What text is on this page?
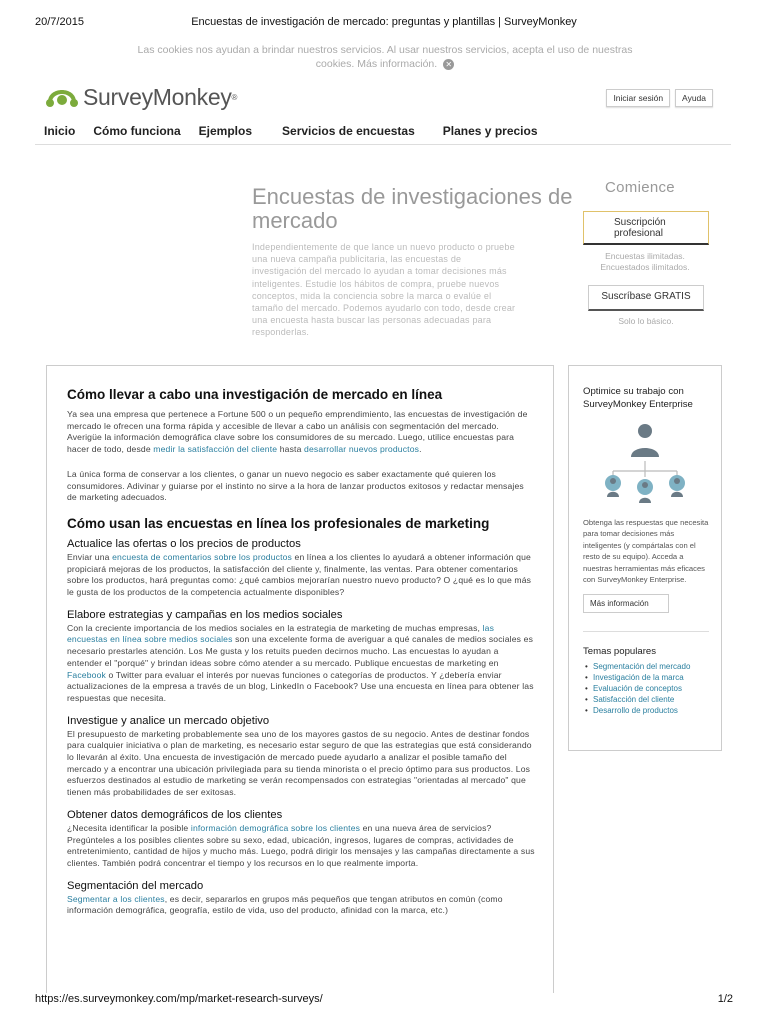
20/7/2015	Encuestas de investigación de mercado: preguntas y plantillas | SurveyMonkey
Las cookies nos ayudan a brindar nuestros servicios. Al usar nuestros servicios, acepta el uso de nuestras cookies. Más información. ✕
SurveyMonkey ®	Iniciar sesión	Ayuda
Inicio Cómo funciona Ejemplos	Servicios de encuestas Planes y precios
Encuestas de investigaciones de mercado
Independientemente de que lance un nuevo producto o pruebe una nueva campaña publicitaria, las encuestas de investigación del mercado lo ayudan a tomar decisiones más inteligentes. Estudie los hábitos de compra, pruebe nuevos conceptos, mida la conciencia sobre la marca o evalúe el tamaño del mercado. Podemos ayudarlo con todo, desde crear una encuesta hasta buscar las personas adecuadas para responderlas.
Comience
Suscripción profesional
Encuestas ilimitadas. Encuestados ilimitados.
Suscríbase GRATIS
Solo lo básico.
Cómo llevar a cabo una investigación de mercado en línea

Ya sea una empresa que pertenece a Fortune 500 o un pequeño emprendimiento, las encuestas de investigación de mercado le ofrecen una forma rápida y accesible de llevar a cabo un análisis con segmentación del mercado. Averigüe la información demográfica clave sobre los consumidores de su mercado. Luego, utilice encuestas para hacer de todo, desde medir la satisfacción del cliente hasta desarrollar nuevos productos.

La única forma de conservar a los clientes, o ganar un nuevo negocio es saber exactamente qué quieren los consumidores. Adivinar y guiarse por el instinto no sirve a la hora de lanzar productos exitosos y redactar mensajes de marketing adecuados.

Cómo usan las encuestas en línea los profesionales de marketing
Actualice las ofertas o los precios de productos

Enviar una encuesta de comentarios sobre los productos en línea a los clientes lo ayudará a obtener información que propiciará mejoras de los productos, la satisfacción del cliente y, finalmente, las ventas. Para obtener comentarios sobre los productos, hará preguntas como: ¿qué cambios mejorarían nuestro nuevo producto? O ¿qué es lo que más le gusta de los productos de la competencia actualmente disponibles?

Elabore estrategias y campañas en los medios sociales

Con la creciente importancia de los medios sociales en la estrategia de marketing de muchas empresas, las encuestas en línea sobre medios sociales son una excelente forma de averiguar a qué canales de medios sociales es necesario prestarles atención. Los Me gusta y los retuits pueden decirnos mucho. Las encuestas lo ayudan a entender el "porqué" y brindan ideas sobre cómo atender a su mercado. Publique encuestas de marketing en Facebook o Twitter para evaluar el interés por nuevas funciones o categorías de productos. Y ¿debería enviar actualizaciones de la empresa a través de un blog, LinkedIn o Facebook? Use una encuesta en línea para obtener las respuestas que necesita.

Investigue y analice un mercado objetivo

El presupuesto de marketing probablemente sea uno de los mayores gastos de su negocio. Antes de destinar fondos para cualquier iniciativa o plan de marketing, es necesario estar seguro de que las estrategias que está considerando lo llevarán al éxito. Una encuesta de investigación de mercado puede ayudarlo a analizar el posible tamaño del mercado y a encontrar una ubicación privilegiada para su tienda minorista o el precio óptimo para sus productos. Los esfuerzos destinados al estudio de marketing se verán recompensados con estrategias "orientadas al mercado" que tienen más probabilidades de ser exitosas.

Obtener datos demográficos de los clientes

¿Necesita identificar la posible información demográfica sobre los clientes en una nueva área de servicios? Pregúnteles a los posibles clientes sobre su sexo, edad, ubicación, ingresos, lugares de compras, actividades de entretenimiento, cantidad de hijos y mucho más. Luego, podrá dirigir los mensajes y las campañas directamente a sus clientes. También podrá concentrar el tiempo y los recursos en lo que realmente importa.

Segmentación del mercado

Segmentar a los clientes, es decir, separarlos en grupos más pequeños que tengan atributos en común (como información demográfica, geografía, estilo de vida, uso del producto, afinidad con la marca, etc.)

Optimice su trabajo con SurveyMonkey Enterprise
Obtenga las respuestas que necesita para tomar decisiones más inteligentes (y compártalas con el resto de su equipo). Acceda a nuestras herramientas más eficaces con SurveyMonkey Enterprise.
Más información
Temas populares
• Segmentación del mercado
• Investigación de la marca
• Evaluación de conceptos
• Satisfacción del cliente
• Desarrollo de productos
https://es.surveymonkey.com/mp/market-research-surveys/	1/2
